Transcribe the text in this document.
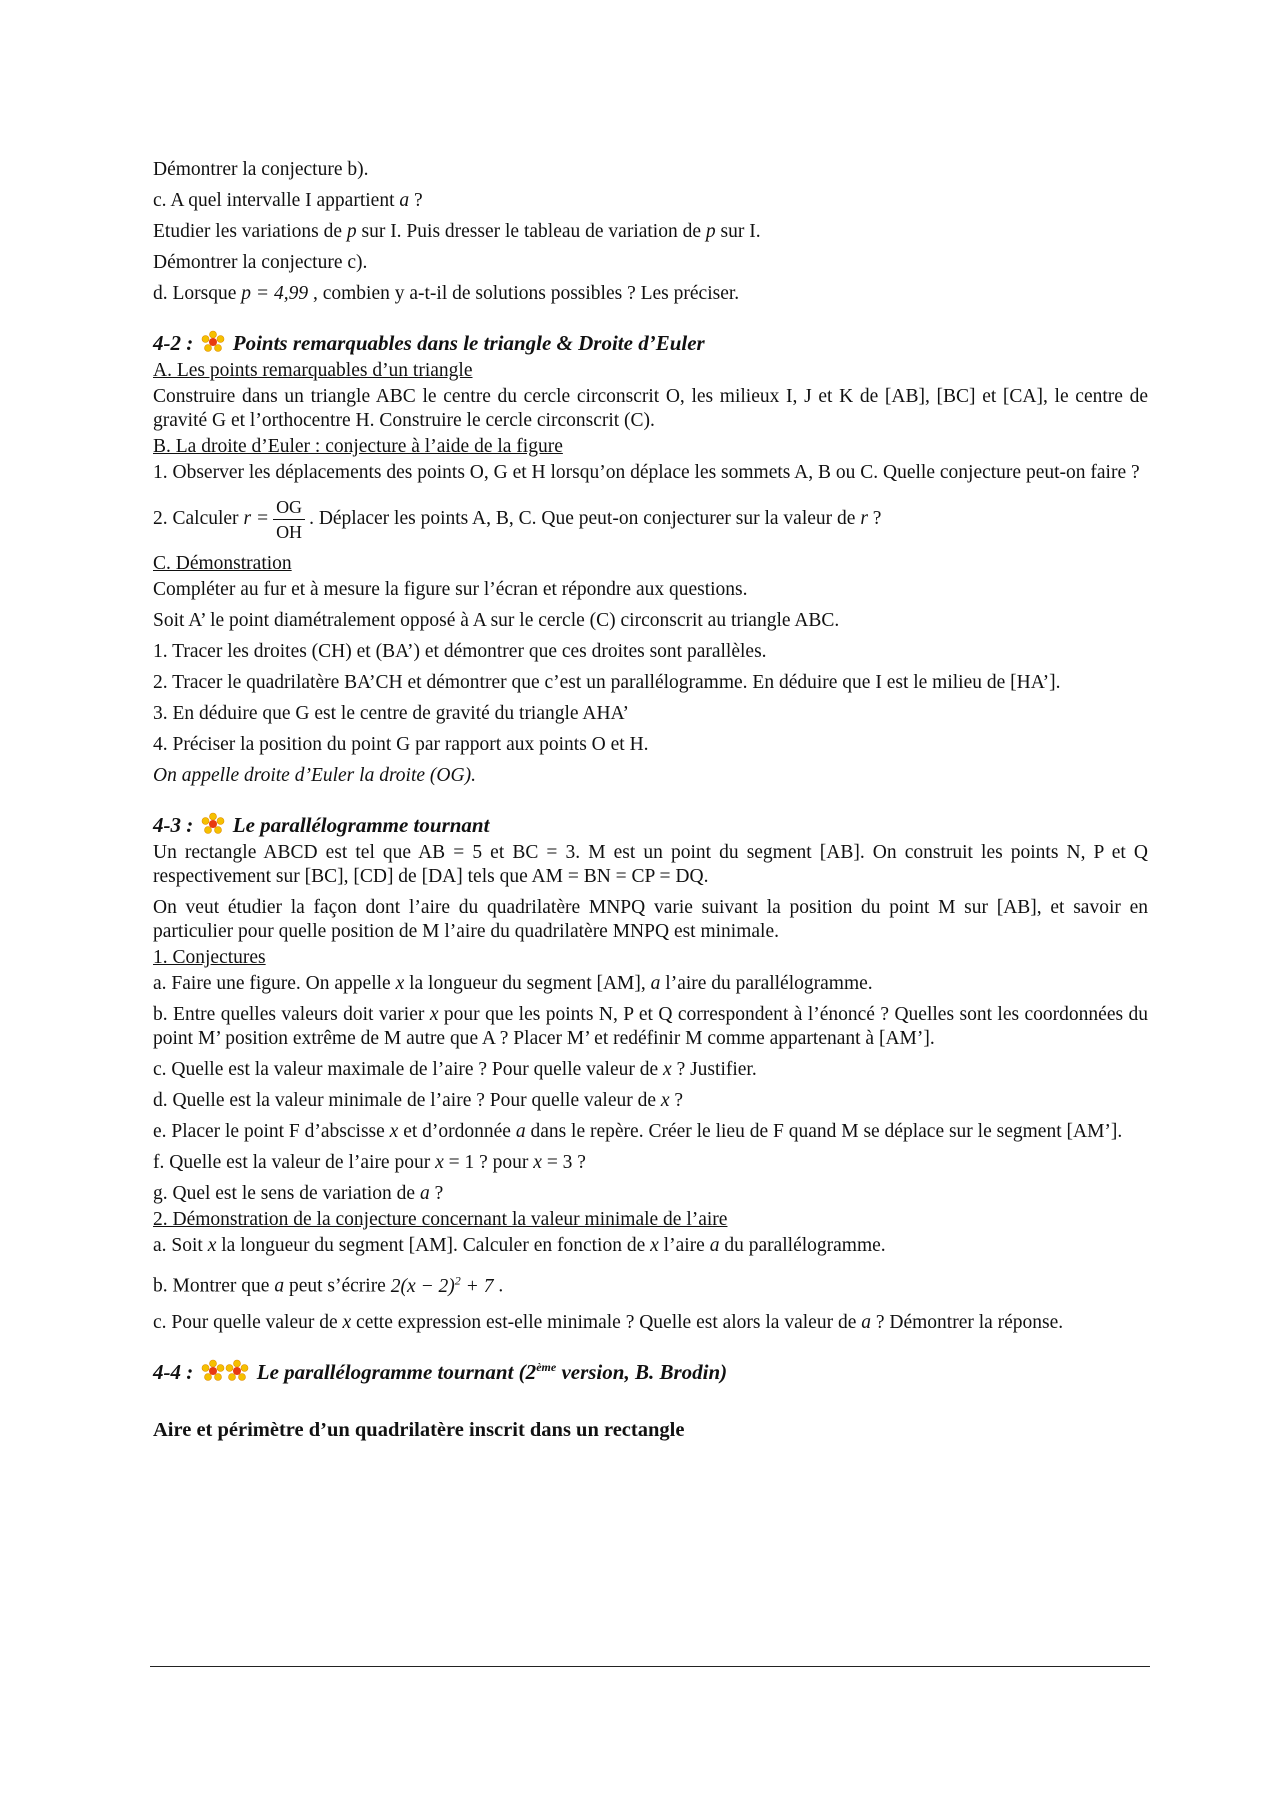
Démontrer la conjecture b).

c. A quel intervalle I appartient a ?

Etudier les variations de p sur I. Puis dresser le tableau de variation de p sur I.

Démontrer la conjecture c).

d. Lorsque p = 4,99 , combien y a-t-il de solutions possibles ? Les préciser.

4-2 : Points remarquables dans le triangle & Droite d’Euler

A. Les points remarquables d’un triangle

Construire dans un triangle ABC le centre du cercle circonscrit O, les milieux I, J et K de [AB], [BC] et [CA], le centre de gravité G et l’orthocentre H. Construire le cercle circonscrit (C).

B. La droite d’Euler : conjecture à l’aide de la figure

1. Observer les déplacements des points O, G et H lorsqu’on déplace les sommets A, B ou C. Quelle conjecture peut-on faire ?

2. Calculer $r = \frac{OG}{OH}$ . Déplacer les points A, B, C. Que peut-on conjecturer sur la valeur de r ?

C. Démonstration

Compléter au fur et à mesure la figure sur l’écran et répondre aux questions.

Soit A’ le point diamétralement opposé à A sur le cercle (C) circonscrit au triangle ABC.

1. Tracer les droites (CH) et (BA’) et démontrer que ces droites sont parallèles.

2. Tracer le quadrilatère BA’CH et démontrer que c’est un parallélogramme. En déduire que I est le milieu de [HA’].

3. En déduire que G est le centre de gravité du triangle AHA’

4. Préciser la position du point G par rapport aux points O et H.

On appelle droite d’Euler la droite (OG).

4-3 : Le parallélogramme tournant

Un rectangle ABCD est tel que AB = 5 et BC = 3. M est un point du segment [AB]. On construit les points N, P et Q respectivement sur [BC], [CD] de [DA] tels que AM = BN = CP = DQ.

On veut étudier la façon dont l’aire du quadrilatère MNPQ varie suivant la position du point M sur [AB], et savoir en particulier pour quelle position de M l’aire du quadrilatère MNPQ est minimale.

1. Conjectures

a. Faire une figure. On appelle x la longueur du segment [AM], a l’aire du parallélogramme.

b. Entre quelles valeurs doit varier x pour que les points N, P et Q correspondent à l’énoncé ? Quelles sont les coordonnées du point M’ position extrême de M autre que A ? Placer M’ et redéfinir M comme appartenant à [AM’].

c. Quelle est la valeur maximale de l’aire ? Pour quelle valeur de x ? Justifier.

d. Quelle est la valeur minimale de l’aire ? Pour quelle valeur de x ?

e. Placer le point F d’abscisse x et d’ordonnée a dans le repère. Créer le lieu de F quand M se déplace sur le segment [AM’].

f. Quelle est la valeur de l’aire pour x = 1 ? pour x = 3 ?

g. Quel est le sens de variation de a ?

2. Démonstration de la conjecture concernant la valeur minimale de l’aire

a. Soit x la longueur du segment [AM]. Calculer en fonction de x l’aire a du parallélogramme.

b. Montrer que a peut s’écrire $2(x - 2)^2 + 7$ .

c. Pour quelle valeur de x cette expression est-elle minimale ? Quelle est alors la valeur de a ? Démontrer la réponse.

4-4 :	Le parallélogramme tournant (2ème version, B. Brodin)

Aire et périmètre d’un quadrilatère inscrit dans un rectangle
